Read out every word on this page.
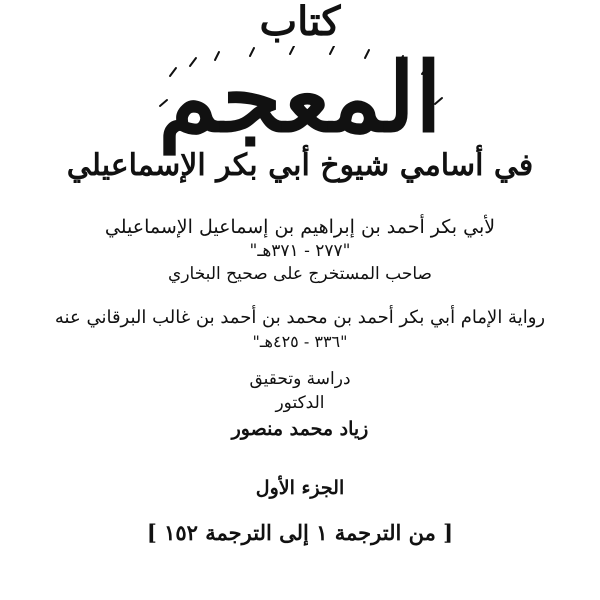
كتاب
المعجم
في أسامي شيوخ أبي بكر الإسماعيلي
لأبي بكر أحمد بن إبراهيم بن إسماعيل الإسماعيلي
"٢٧٧ - ٣٧١هـ"
صاحب المستخرج على صحيح البخاري
رواية الإمام أبي بكر أحمد بن محمد بن أحمد بن غالب البرقاني عنه
"٣٣٦ - ٤٢٥هـ"
دراسة وتحقيق
الدكتور
زياد محمد منصور
الجزء الأول
[ من الترجمة ١ إلى الترجمة ١٥٢ ]
